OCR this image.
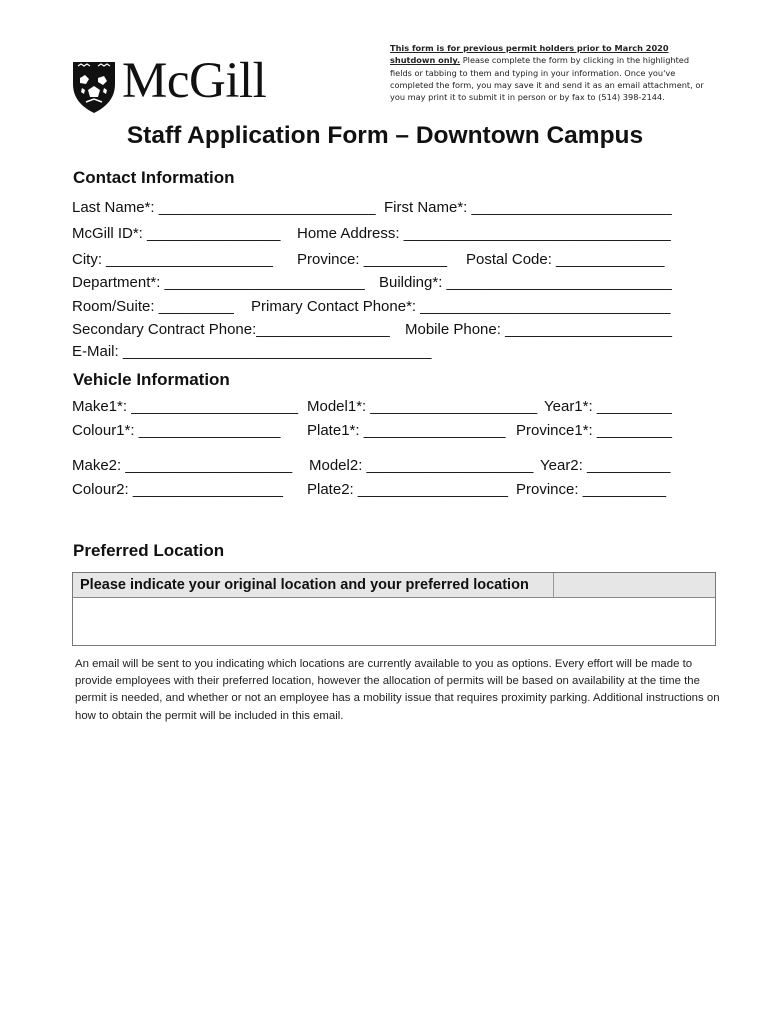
McGill
This form is for previous permit holders prior to March 2020 shutdown only. Please complete the form by clicking in the highlighted fields or tabbing to them and typing in your information. Once you've completed the form, you may save it and send it as an email attachment, or you may print it to submit it in person or by fax to (514) 398-2144.
Staff Application Form – Downtown Campus
Contact Information
Last Name*: __________________________ First Name*: ________________________
McGill ID*: ________________ Home Address: ________________________________
City: ____________________ Province: __________ Postal Code: _____________
Department*: ________________________ Building*: ___________________________
Room/Suite: _________ Primary Contact Phone*: ______________________________
Secondary Contract Phone:________________ Mobile Phone: ____________________
E-Mail: _____________________________________
Vehicle Information
Make1*: ____________________ Model1*: ____________________ Year1*: _________
Colour1*: _________________ Plate1*: _________________ Province1*: _________
Make2: ____________________ Model2: ____________________ Year2: __________
Colour2: __________________ Plate2: __________________ Province: __________
Preferred Location
Please indicate your original location and your preferred location
An email will be sent to you indicating which locations are currently available to you as options. Every effort will be made to provide employees with their preferred location, however the allocation of permits will be based on availability at the time the permit is needed, and whether or not an employee has a mobility issue that requires proximity parking. Additional instructions on how to obtain the permit will be included in this email.
